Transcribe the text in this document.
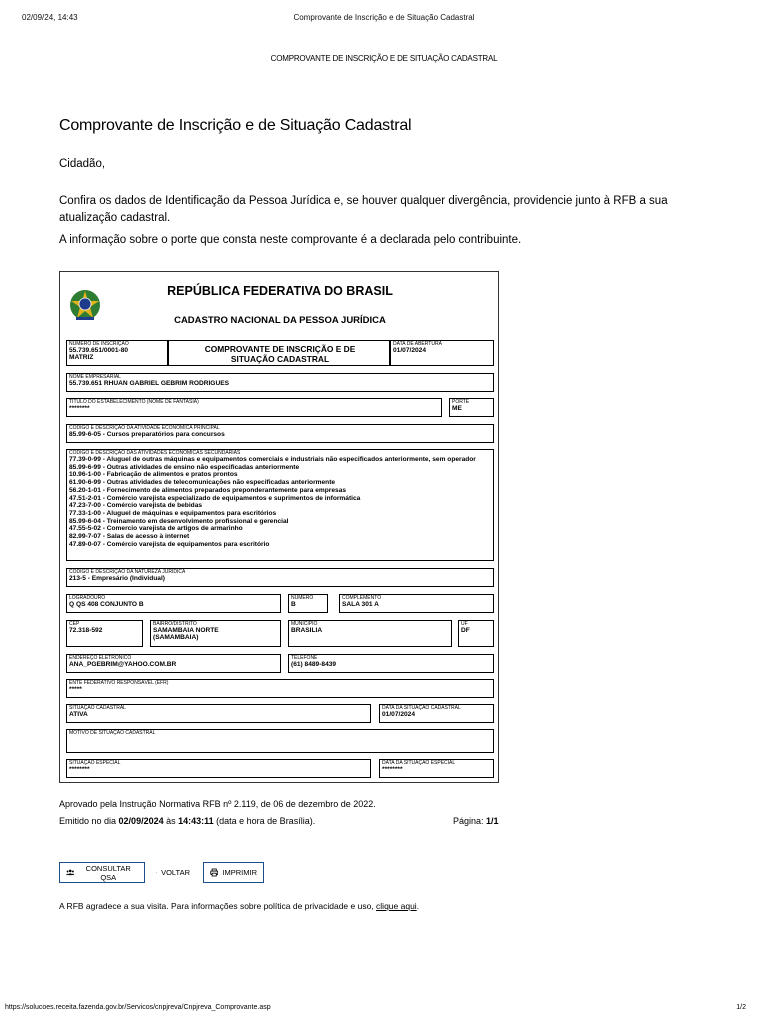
02/09/24, 14:43	Comprovante de Inscrição e de Situação Cadastral
COMPROVANTE DE INSCRIÇÃO E DE SITUAÇÃO CADASTRAL
Comprovante de Inscrição e de Situação Cadastral
Cidadão,
Confira os dados de Identificação da Pessoa Jurídica e, se houver qualquer divergência, providencie junto à RFB a sua atualização cadastral.
A informação sobre o porte que consta neste comprovante é a declarada pelo contribuinte.
REPÚBLICA FEDERATIVA DO BRASIL
CADASTRO NACIONAL DA PESSOA JURÍDICA
NÚMERO DE INSCRIÇÃO
55.739.651/0001-80
MATRIZ
COMPROVANTE DE INSCRIÇÃO E DE SITUAÇÃO CADASTRAL
DATA DE ABERTURA
01/07/2024
NOME EMPRESARIAL
55.739.651 RHUAN GABRIEL GEBRIM RODRIGUES
TÍTULO DO ESTABELECIMENTO (NOME DE FANTASIA)
********
PORTE
ME
CÓDIGO E DESCRIÇÃO DA ATIVIDADE ECONÔMICA PRINCIPAL
85.99-6-05 - Cursos preparatórios para concursos
CÓDIGO E DESCRIÇÃO DAS ATIVIDADES ECONÔMICAS SECUNDÁRIAS
77.39-0-99 - Aluguel de outras máquinas e equipamentos comerciais e industriais não especificados anteriormente, sem operador
85.99-6-99 - Outras atividades de ensino não especificadas anteriormente
10.96-1-00 - Fabricação de alimentos e pratos prontos
61.90-6-99 - Outras atividades de telecomunicações não especificadas anteriormente
56.20-1-01 - Fornecimento de alimentos preparados preponderantemente para empresas
47.51-2-01 - Comércio varejista especializado de equipamentos e suprimentos de informática
47.23-7-00 - Comércio varejista de bebidas
77.33-1-00 - Aluguel de máquinas e equipamentos para escritórios
85.99-6-04 - Treinamento em desenvolvimento profissional e gerencial
47.55-5-02 - Comercio varejista de artigos de armarinho
82.99-7-07 - Salas de acesso à internet
47.89-0-07 - Comércio varejista de equipamentos para escritório
CÓDIGO E DESCRIÇÃO DA NATUREZA JURÍDICA
213-5 - Empresário (Individual)
LOGRADOURO
Q QS 408 CONJUNTO B
NÚMERO
B
COMPLEMENTO
SALA 301 A
CEP
72.318-592
BAIRRO/DISTRITO
SAMAMBAIA NORTE (SAMAMBAIA)
MUNICÍPIO
BRASILIA
UF
DF
ENDEREÇO ELETRÔNICO
ANA_PGEBRIM@YAHOO.COM.BR
TELEFONE
(61) 8489-8439
ENTE FEDERATIVO RESPONSÁVEL (EFR)
*****
SITUAÇÃO CADASTRAL
ATIVA
DATA DA SITUAÇÃO CADASTRAL
01/07/2024
MOTIVO DE SITUAÇÃO CADASTRAL
SITUAÇÃO ESPECIAL
********
DATA DA SITUAÇÃO ESPECIAL
********
Aprovado pela Instrução Normativa RFB nº 2.119, de 06 de dezembro de 2022.
Emitido no dia 02/09/2024 às 14:43:11 (data e hora de Brasília).	Página: 1/1
CONSULTAR QSA	VOLTAR	IMPRIMIR
A RFB agradece a sua visita. Para informações sobre política de privacidade e uso, clique aqui.
https://solucoes.receita.fazenda.gov.br/Servicos/cnpjreva/Cnpjreva_Comprovante.asp	1/2
